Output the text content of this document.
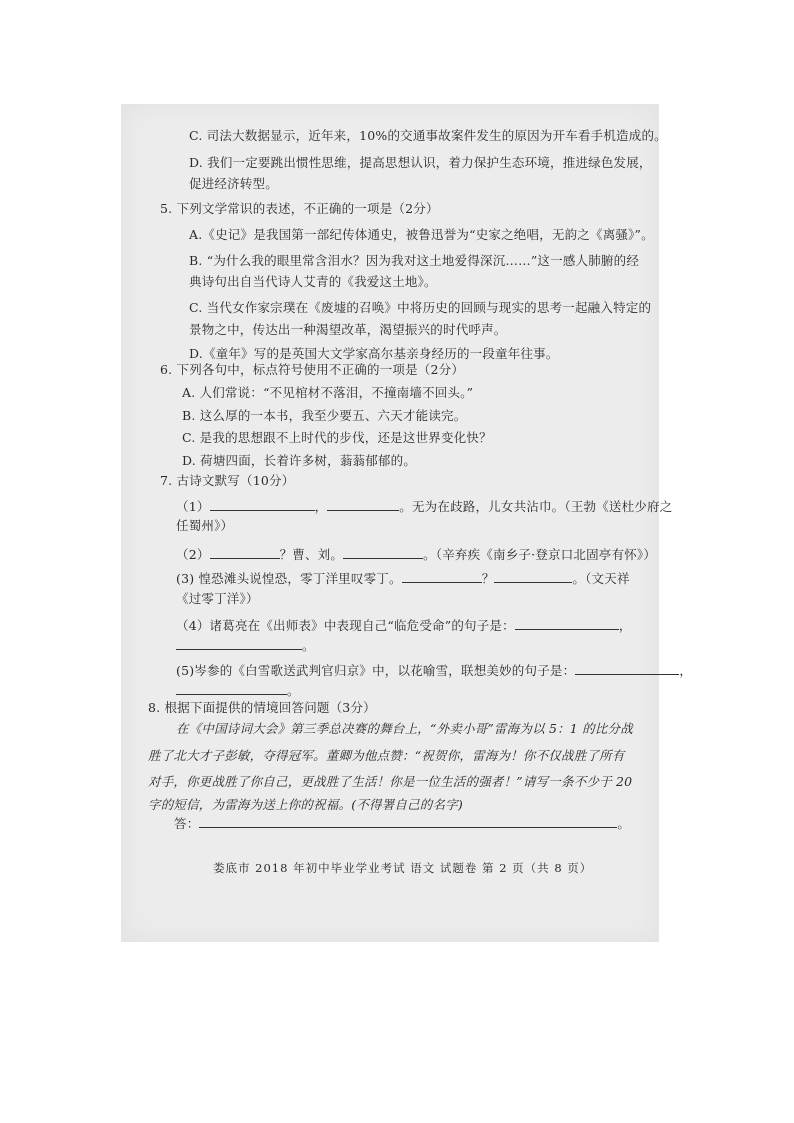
C. 司法大数据显示，近年来，10%的交通事故案件发生的原因为开车看手机造成的。
D. 我们一定要跳出惯性思维，提高思想认识，着力保护生态环境，推进绿色发展，
促进经济转型。
5. 下列文学常识的表述，不正确的一项是（2分）
A.《史记》是我国第一部纪传体通史，被鲁迅誉为“史家之绝唱，无韵之《离骚》”。
B. “为什么我的眼里常含泪水？因为我对这土地爱得深沉……”这一感人肺腑的经
典诗句出自当代诗人艾青的《我爱这土地》。
C. 当代女作家宗璞在《废墟的召唤》中将历史的回顾与现实的思考一起融入特定的
景物之中，传达出一种渴望改革，渴望振兴的时代呼声。
D.《童年》写的是英国大文学家高尔基亲身经历的一段童年往事。
6. 下列各句中，标点符号使用不正确的一项是（2分）
A. 人们常说：“不见棺材不落泪，不撞南墙不回头。”
B. 这么厚的一本书，我至少要五、六天才能读完。
C. 是我的思想跟不上时代的步伐，还是这世界变化快？
D. 荷塘四面，长着许多树，蓊蓊郁郁的。
7. 古诗文默写（10分）
（1）	，	。无为在歧路，儿女共沾巾。（王勃《送杜少府之
任蜀州》）
（2）	？曹、刘。	。（辛弃疾《南乡子·登京口北固亭有怀》）
(3) 惶恐滩头说惶恐，零丁洋里叹零丁。	？	。（文天祥
《过零丁洋》）
（4）诸葛亮在《出师表》中表现自己“临危受命”的句子是：	，
。
(5)岑参的《白雪歌送武判官归京》中，以花喻雪，联想美妙的句子是：	，
。
8. 根据下面提供的情境回答问题（3分）
在《中国诗词大会》第三季总决赛的舞台上，“外卖小哥”雷海为以 5：1 的比分战
胜了北大才子彭敏，夺得冠军。董卿为他点赞：“祝贺你，雷海为！你不仅战胜了所有
对手，你更战胜了你自己，更战胜了生活！你是一位生活的强者！”请写一条不少于 20
字的短信，为雷海为送上你的祝福。(不得署自己的名字)
答：	。
娄底市 2018 年初中毕业学业考试 语文 试题卷 第 2 页（共 8 页）
